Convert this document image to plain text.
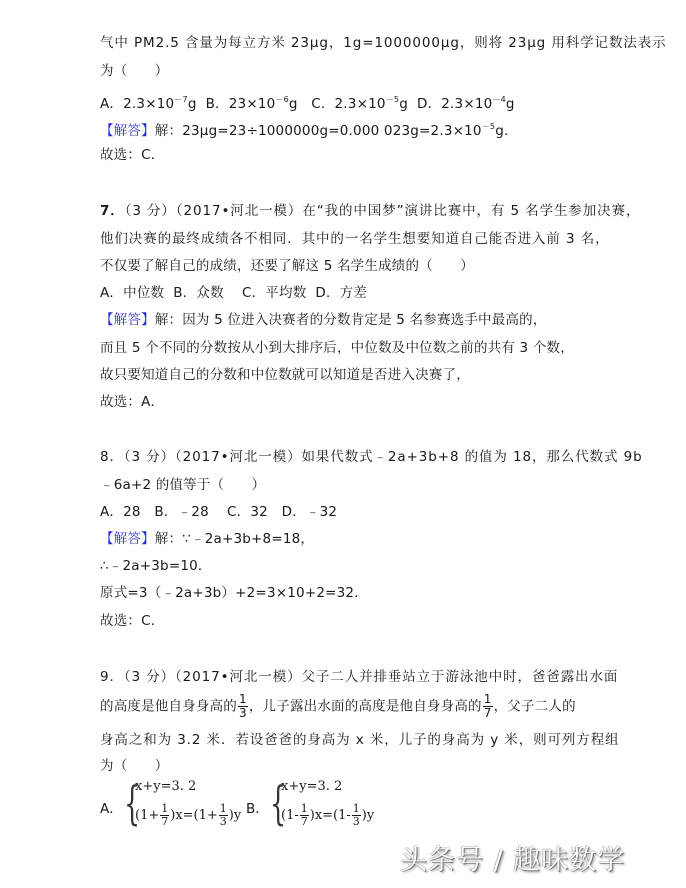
气中 PM2.5 含量为每立方米 23μg，1g=1000000μg，则将 23μg 用科学记数法表示
为（　　）
A．$2.3\times 10^{-7}g$ B．$23\times 10^{-6}g$ C．$2.3\times 10^{-5}g$ D．$2.3\times 10^{-4}g$
【解答】解：23μg=23÷1000000g=0.000 $023g=2.3\times 10^{-5}g$．
故选：C．
7．（3 分）（2017•河北一模）在“我的中国梦”演讲比赛中，有 5 名学生参加决赛，
他们决赛的最终成绩各不相同．其中的一名学生想要知道自己能否进入前 3 名，
不仅要了解自己的成绩，还要了解这 5 名学生成绩的（　　）
A．中位数  B．众数　 C．平均数  D．方差
【解答】解：因为 5 位进入决赛者的分数肯定是 5 名参赛选手中最高的，
而且 5 个不同的分数按从小到大排序后，中位数及中位数之前的共有 3 个数，
故只要知道自己的分数和中位数就可以知道是否进入决赛了，
故选：A．
8．（3 分）（2017•河北一模）如果代数式﹣2a+3b+8 的值为 18，那么代数式 9b
﹣6a+2 的值等于（　　）
A．28　B．﹣28　 C．32　D．﹣32
【解答】解：∵﹣2a+3b+8=18，
∴﹣2a+3b=10．
原式=3（﹣2a+3b）+2=3×10+2=32．
故选：C．
9．（3 分）（2017•河北一模）父子二人并排垂站立于游泳池中时，爸爸露出水面
的高度是他自身身高的 $\frac{1}{3}$ ，儿子露出水面的高度是他自身身高的 $\frac{1}{7}$ ，父子二人的
身高之和为 3.2 米．若设爸爸的身高为 x 米，儿子的身高为 y 米，则可列方程组
为（　　）
A． {
x+y=3. 2
$(1+ \frac{1}{7} )x=(1+ \frac{1}{3} )y$ B． {
x+y=3. 2
$(1- \frac{1}{7} )x=(1- \frac{1}{3} )y$
头条号 / 趣味数学
